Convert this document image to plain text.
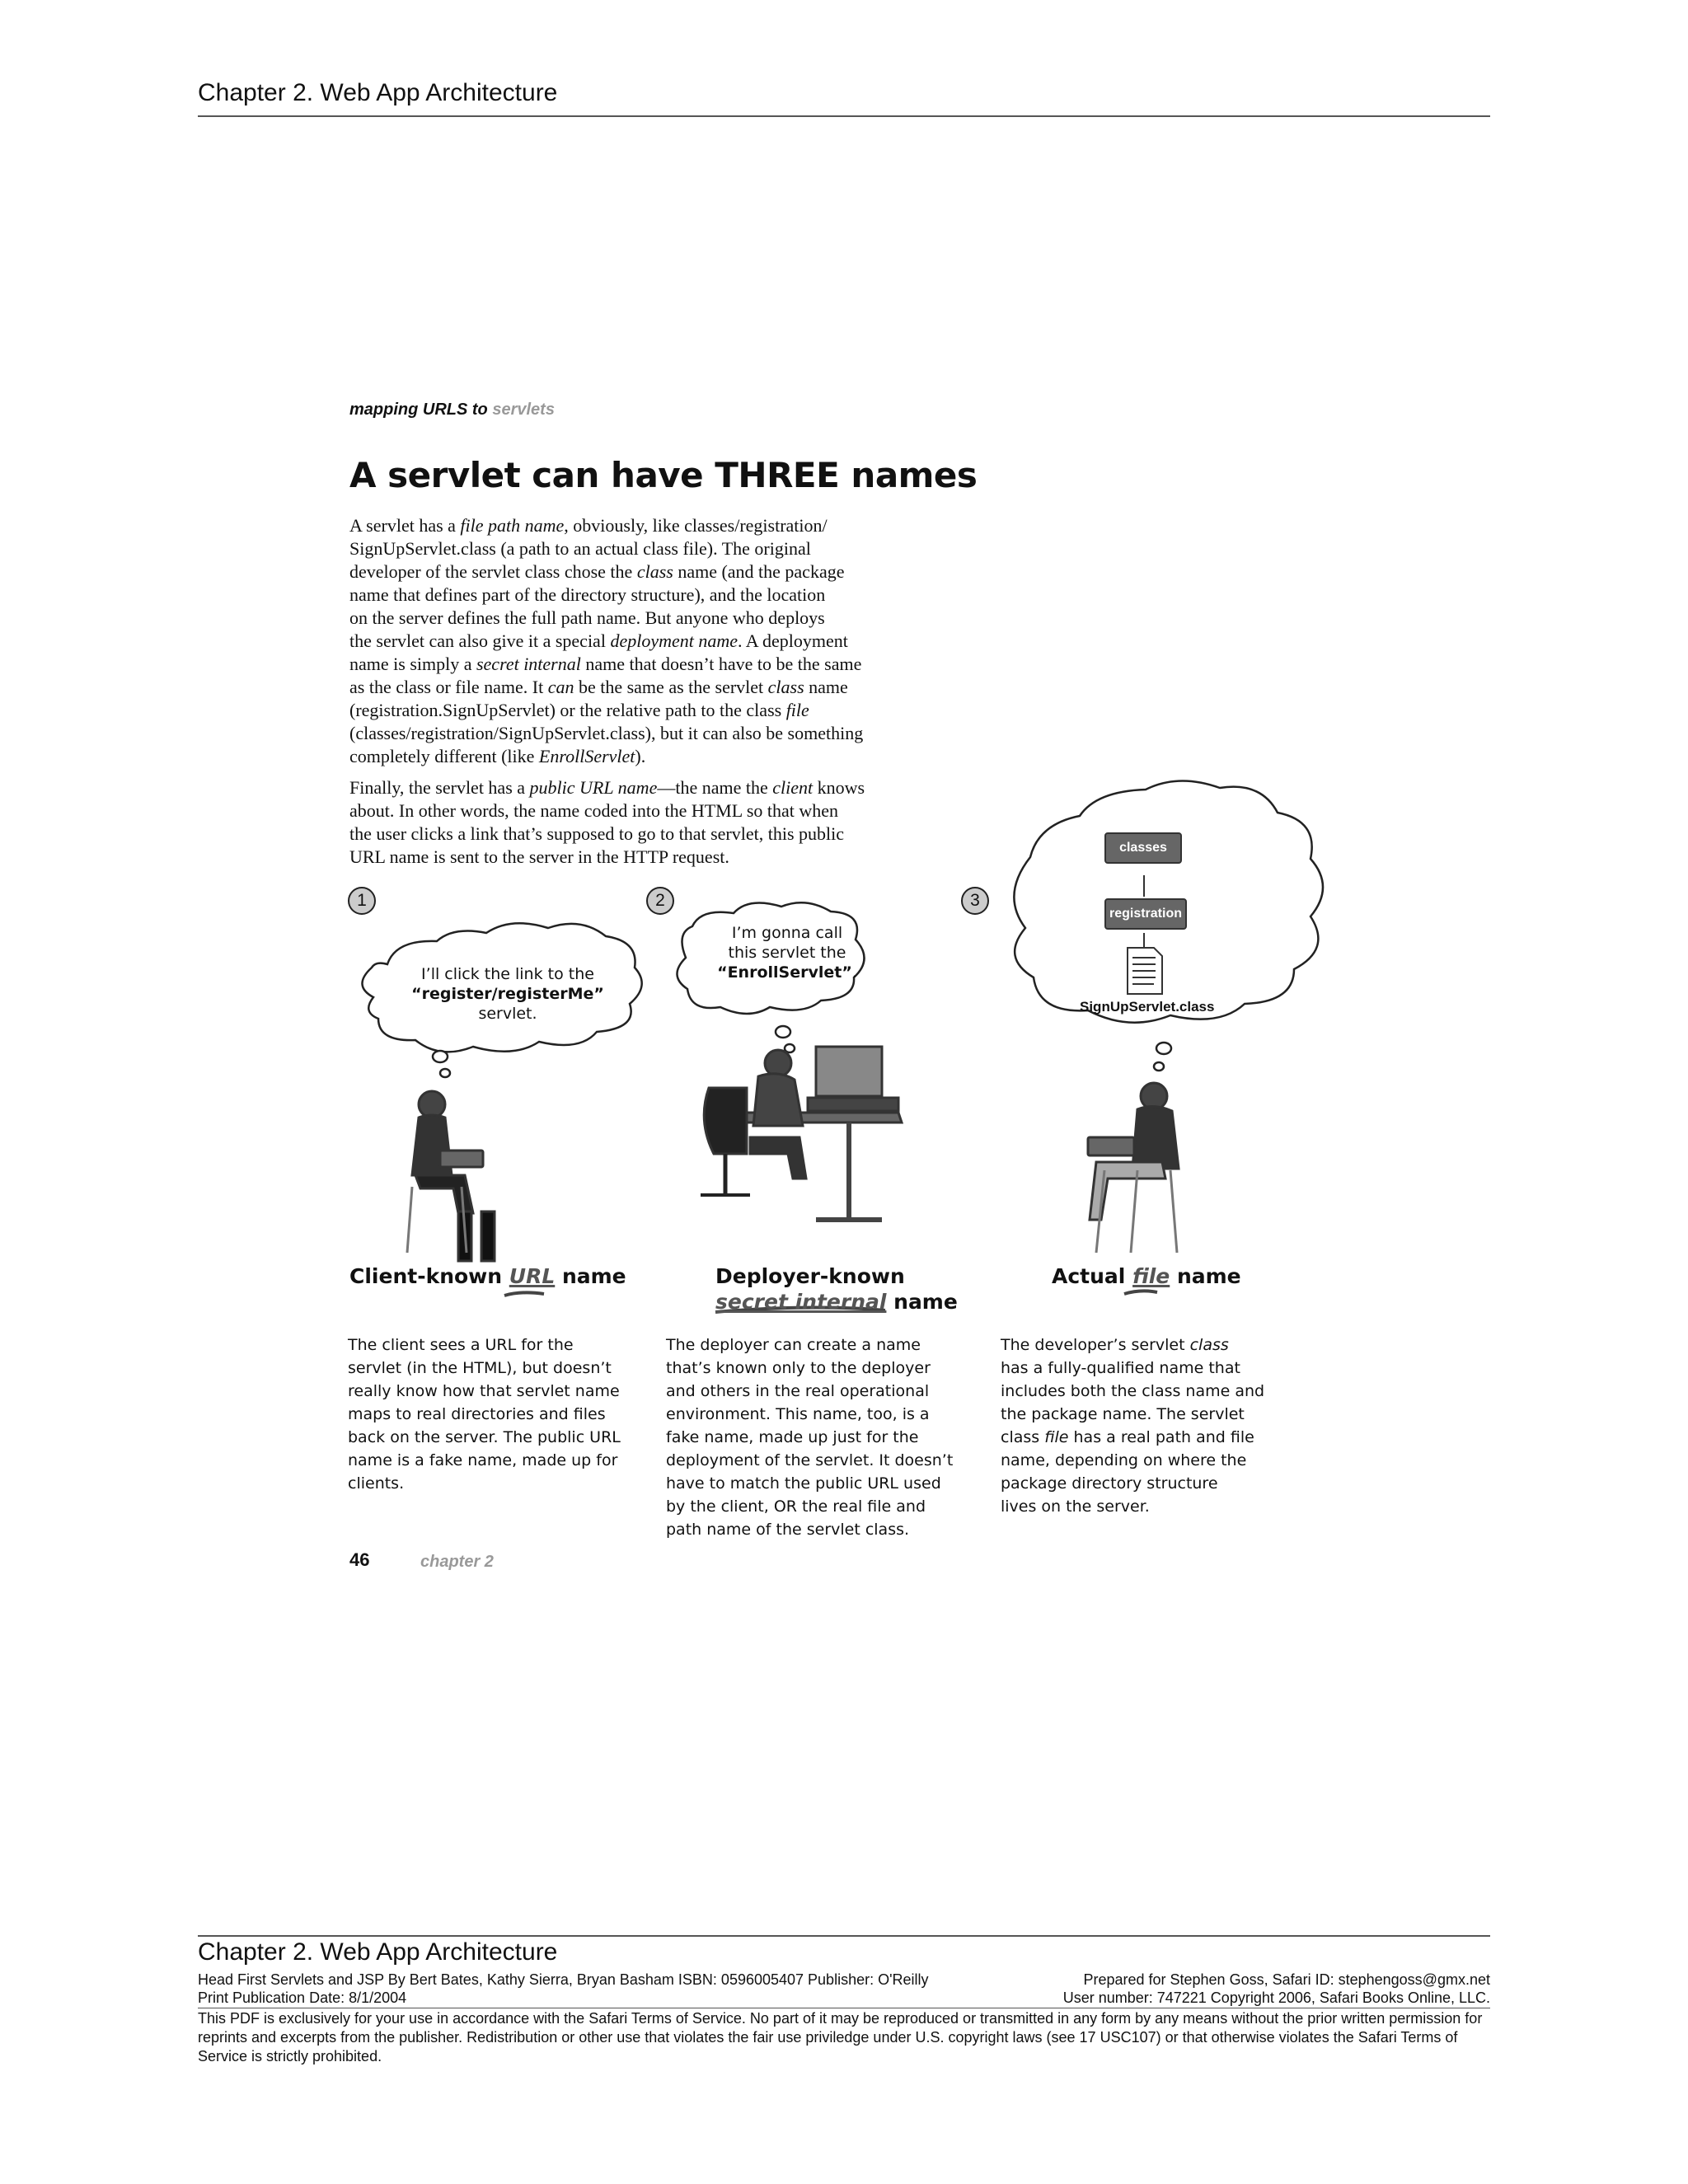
Chapter 2. Web App Architecture
mapping URLS to servlets
A servlet can have THREE names
A servlet has a file path name, obviously, like classes/registration/
SignUpServlet.class (a path to an actual class file). The original
developer of the servlet class chose the class name (and the package
name that defines part of the directory structure), and the location
on the server defines the full path name. But anyone who deploys
the servlet can also give it a special deployment name. A deployment
name is simply a secret internal name that doesn’t have to be the same
as the class or file name. It can be the same as the servlet class name
(registration.SignUpServlet) or the relative path to the class file
(classes/registration/SignUpServlet.class), but it can also be something
completely different (like EnrollServlet).
Finally, the servlet has a public URL name—the name the client knows
about. In other words, the name coded into the HTML so that when
the user clicks a link that’s supposed to go to that servlet, this public
URL name is sent to the server in the HTTP request.
1	2	3
I’ll click the link to the
“register/registerMe”
servlet.
I’m gonna call
this servlet the
“EnrollServlet”.
classes
registration
SignUpServlet.class
Client-known URL name	Deployer-known
secret internal name
Actual file name
The client sees a URL for the
servlet (in the HTML), but doesn’t
really know how that servlet name
maps to real directories and files
back on the server. The public URL
name is a fake name, made up for
clients.
The deployer can create a name
that’s known only to the deployer
and others in the real operational
environment. This name, too, is a
fake name, made up just for the
deployment of the servlet. It doesn’t
have to match the public URL used
by the client, OR the real file and
path name of the servlet class.
The developer’s servlet class
has a fully-qualified name that
includes both the class name and
the package name. The servlet
class file has a real path and file
name, depending on where the
package directory structure
lives on the server.
46	chapter 2
Chapter 2. Web App Architecture
Head First Servlets and JSP By Bert Bates, Kathy Sierra, Bryan Basham ISBN: 0596005407 Publisher: O'Reilly	Prepared for Stephen Goss, Safari ID: stephengoss@gmx.net
Print Publication Date: 8/1/2004	User number: 747221 Copyright 2006, Safari Books Online, LLC.
This PDF is exclusively for your use in accordance with the Safari Terms of Service. No part of it may be reproduced or transmitted in any form by any means without the prior written permission for reprints and excerpts from the publisher. Redistribution or other use that violates the fair use priviledge under U.S. copyright laws (see 17 USC107) or that otherwise violates the Safari Terms of Service is strictly prohibited.
